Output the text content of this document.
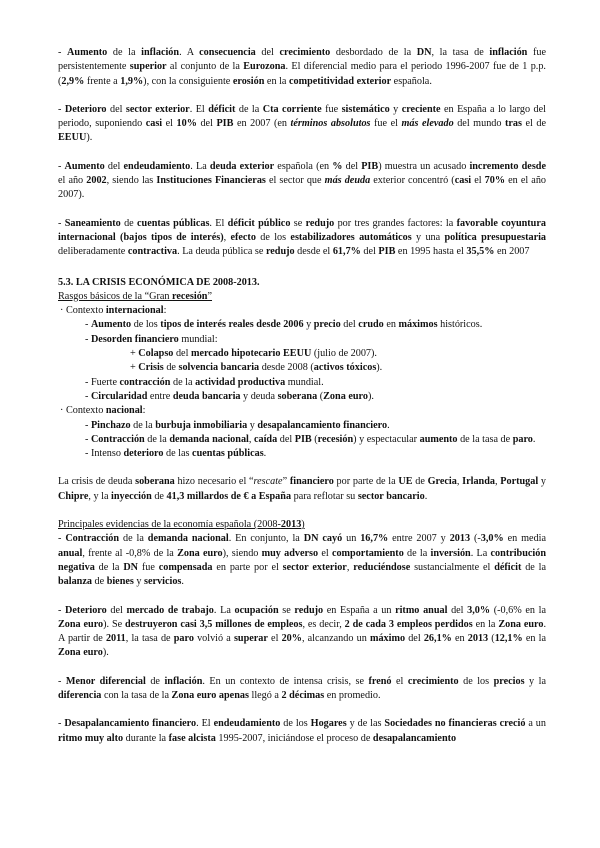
- Aumento de la inflación. A consecuencia del crecimiento desbordado de la DN, la tasa de inflación fue persistentemente superior al conjunto de la Eurozona. El diferencial medio para el periodo 1996-2007 fue de 1 p.p. (2,9% frente a 1,9%), con la consiguiente erosión en la competitividad exterior española.

- Deterioro del sector exterior. El déficit de la Cta corriente fue sistemático y creciente en España a lo largo del periodo, suponiendo casi el 10% del PIB en 2007 (en términos absolutos fue el más elevado del mundo tras el de EEUU).

- Aumento del endeudamiento. La deuda exterior española (en % del PIB) muestra un acusado incremento desde el año 2002, siendo las Instituciones Financieras el sector que más deuda exterior concentró (casi el 70% en el año 2007).

- Saneamiento de cuentas públicas. El déficit público se redujo por tres grandes factores: la favorable coyuntura internacional (bajos tipos de interés), efecto de los estabilizadores automáticos y una política presupuestaria deliberadamente contractiva. La deuda pública se redujo desde el 61,7% del PIB en 1995 hasta el 35,5% en 2007

5.3. LA CRISIS ECONÓMICA DE 2008-2013.

Rasgos básicos de la “Gran recesión”

· Contexto internacional:

- Aumento de los tipos de interés reales desde 2006 y precio del crudo en máximos históricos.

- Desorden financiero mundial:

+ Colapso del mercado hipotecario EEUU (julio de 2007).

+ Crisis de solvencia bancaria desde 2008 (activos tóxicos).

- Fuerte contracción de la actividad productiva mundial.

- Circularidad entre deuda bancaria y deuda soberana (Zona euro).

· Contexto nacional:

- Pinchazo de la burbuja inmobiliaria y desapalancamiento financiero.

- Contracción de la demanda nacional, caída del PIB (recesión) y espectacular aumento de la tasa de paro.

- Intenso deterioro de las cuentas públicas.

La crisis de deuda soberana hizo necesario el “rescate” financiero por parte de la UE de Grecia, Irlanda, Portugal y Chipre, y la inyección de 41,3 millardos de € a España para reflotar su sector bancario.

Principales evidencias de la economía española (2008-2013)

- Contracción de la demanda nacional. En conjunto, la DN cayó un 16,7% entre 2007 y 2013 (-3,0% en media anual, frente al -0,8% de la Zona euro), siendo muy adverso el comportamiento de la inversión. La contribución negativa de la DN fue compensada en parte por el sector exterior, reduciéndose sustancialmente el déficit de la balanza de bienes y servicios.

- Deterioro del mercado de trabajo. La ocupación se redujo en España a un ritmo anual del 3,0% (-0,6% en la Zona euro). Se destruyeron casi 3,5 millones de empleos, es decir, 2 de cada 3 empleos perdidos en la Zona euro. A partir de 2011, la tasa de paro volvió a superar el 20%, alcanzando un máximo del 26,1% en 2013 (12,1% en la Zona euro).

- Menor diferencial de inflación. En un contexto de intensa crisis, se frenó el crecimiento de los precios y la diferencia con la tasa de la Zona euro apenas llegó a 2 décimas en promedio.

- Desapalancamiento financiero. El endeudamiento de los Hogares y de las Sociedades no financieras creció a un ritmo muy alto durante la fase alcista 1995-2007, iniciándose el proceso de desapalancamiento
